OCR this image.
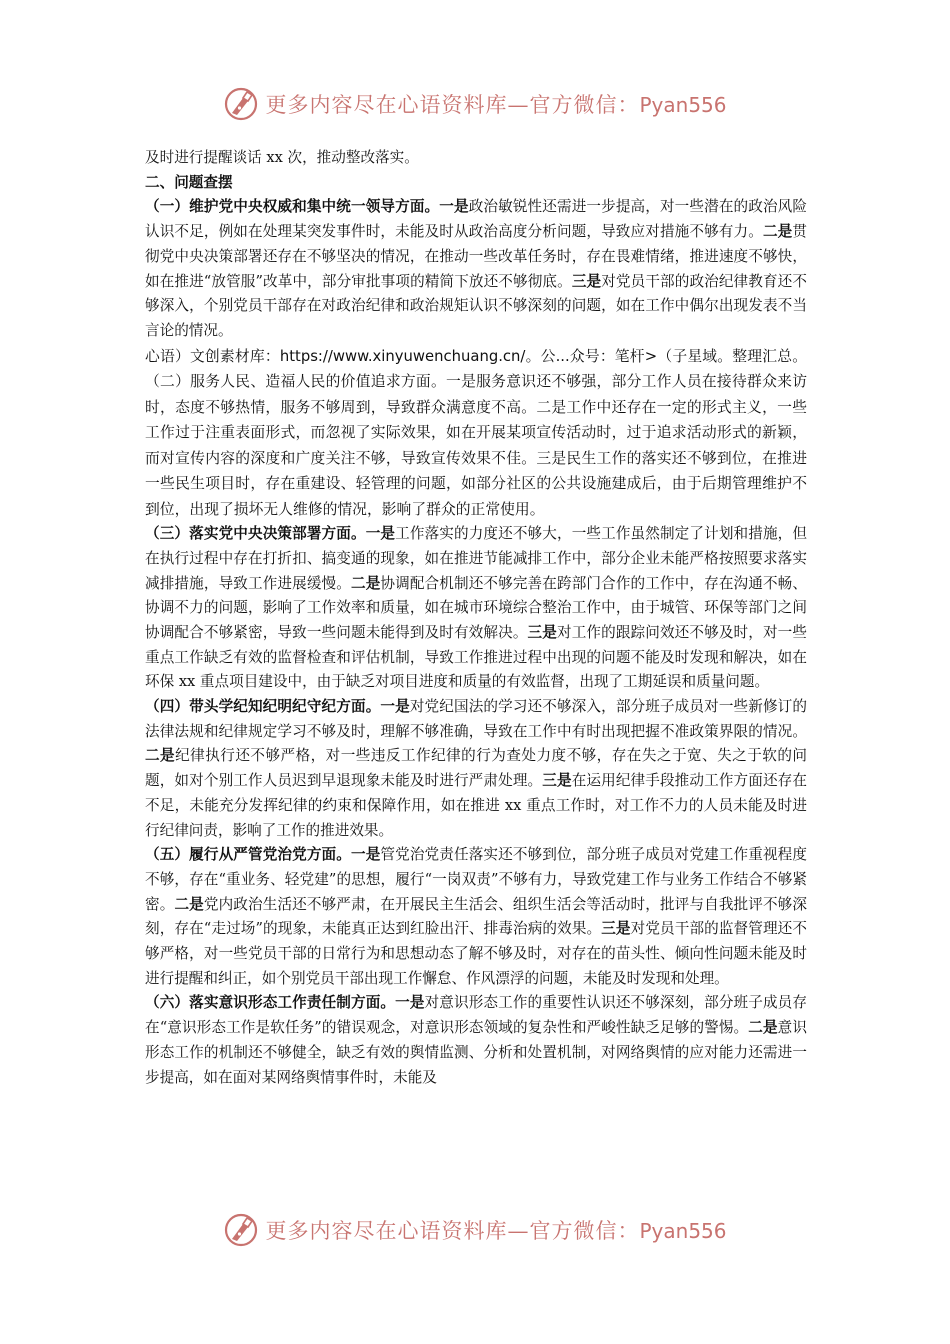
更多内容尽在心语资料库—官方微信：Pyan556

及时进行提醒谈话 xx 次，推动整改落实。

二、问题查摆

（一）维护党中央权威和集中统一领导方面。一是政治敏锐性还需进一步提高，对一些潜在的政治风险认识不足，例如在处理某突发事件时，未能及时从政治高度分析问题，导致应对措施不够有力。二是贯彻党中央决策部署还存在不够坚决的情况，在推动一些改革任务时，存在畏难情绪，推进速度不够快，如在推进“放管服”改革中，部分审批事项的精简下放还不够彻底。三是对党员干部的政治纪律教育还不够深入，个别党员干部存在对政治纪律和政治规矩认识不够深刻的问题，如在工作中偶尔出现发表不当言论的情况。

心语）文创素材库：https://www.xinyuwenchuang.cn/。公...众号：笔杆>（子星域。整理汇总。（二）服务人民、造福人民的价值追求方面。一是服务意识还不够强，部分工作人员在接待群众来访时，态度不够热情，服务不够周到，导致群众满意度不高。二是工作中还存在一定的形式主义，一些工作过于注重表面形式，而忽视了实际效果，如在开展某项宣传活动时，过于追求活动形式的新颖，而对宣传内容的深度和广度关注不够，导致宣传效果不佳。三是民生工作的落实还不够到位，在推进一些民生项目时，存在重建设、轻管理的问题，如部分社区的公共设施建成后，由于后期管理维护不到位，出现了损坏无人维修的情况，影响了群众的正常使用。

（三）落实党中央决策部署方面。一是工作落实的力度还不够大，一些工作虽然制定了计划和措施，但在执行过程中存在打折扣、搞变通的现象，如在推进节能减排工作中，部分企业未能严格按照要求落实减排措施，导致工作进展缓慢。二是协调配合机制还不够完善在跨部门合作的工作中，存在沟通不畅、协调不力的问题，影响了工作效率和质量，如在城市环境综合整治工作中，由于城管、环保等部门之间协调配合不够紧密，导致一些问题未能得到及时有效解决。三是对工作的跟踪问效还不够及时，对一些重点工作缺乏有效的监督检查和评估机制，导致工作推进过程中出现的问题不能及时发现和解决，如在环保 xx 重点项目建设中，由于缺乏对项目进度和质量的有效监督，出现了工期延误和质量问题。

（四）带头学纪知纪明纪守纪方面。一是对党纪国法的学习还不够深入，部分班子成员对一些新修订的法律法规和纪律规定学习不够及时，理解不够准确，导致在工作中有时出现把握不准政策界限的情况。二是纪律执行还不够严格，对一些违反工作纪律的行为查处力度不够，存在失之于宽、失之于软的问题，如对个别工作人员迟到早退现象未能及时进行严肃处理。三是在运用纪律手段推动工作方面还存在不足，未能充分发挥纪律的约束和保障作用，如在推进 xx 重点工作时，对工作不力的人员未能及时进行纪律问责，影响了工作的推进效果。

（五）履行从严管党治党方面。一是管党治党责任落实还不够到位，部分班子成员对党建工作重视程度不够，存在“重业务、轻党建”的思想，履行“一岗双责”不够有力，导致党建工作与业务工作结合不够紧密。二是党内政治生活还不够严肃，在开展民主生活会、组织生活会等活动时，批评与自我批评不够深刻，存在“走过场”的现象，未能真正达到红脸出汗、排毒治病的效果。三是对党员干部的监督管理还不够严格，对一些党员干部的日常行为和思想动态了解不够及时，对存在的苗头性、倾向性问题未能及时进行提醒和纠正，如个别党员干部出现工作懈怠、作风漂浮的问题，未能及时发现和处理。

（六）落实意识形态工作责任制方面。一是对意识形态工作的重要性认识还不够深刻，部分班子成员存在“意识形态工作是软任务”的错误观念，对意识形态领域的复杂性和严峻性缺乏足够的警惕。二是意识形态工作的机制还不够健全，缺乏有效的舆情监测、分析和处置机制，对网络舆情的应对能力还需进一步提高，如在面对某网络舆情事件时，未能及

更多内容尽在心语资料库—官方微信：Pyan556
